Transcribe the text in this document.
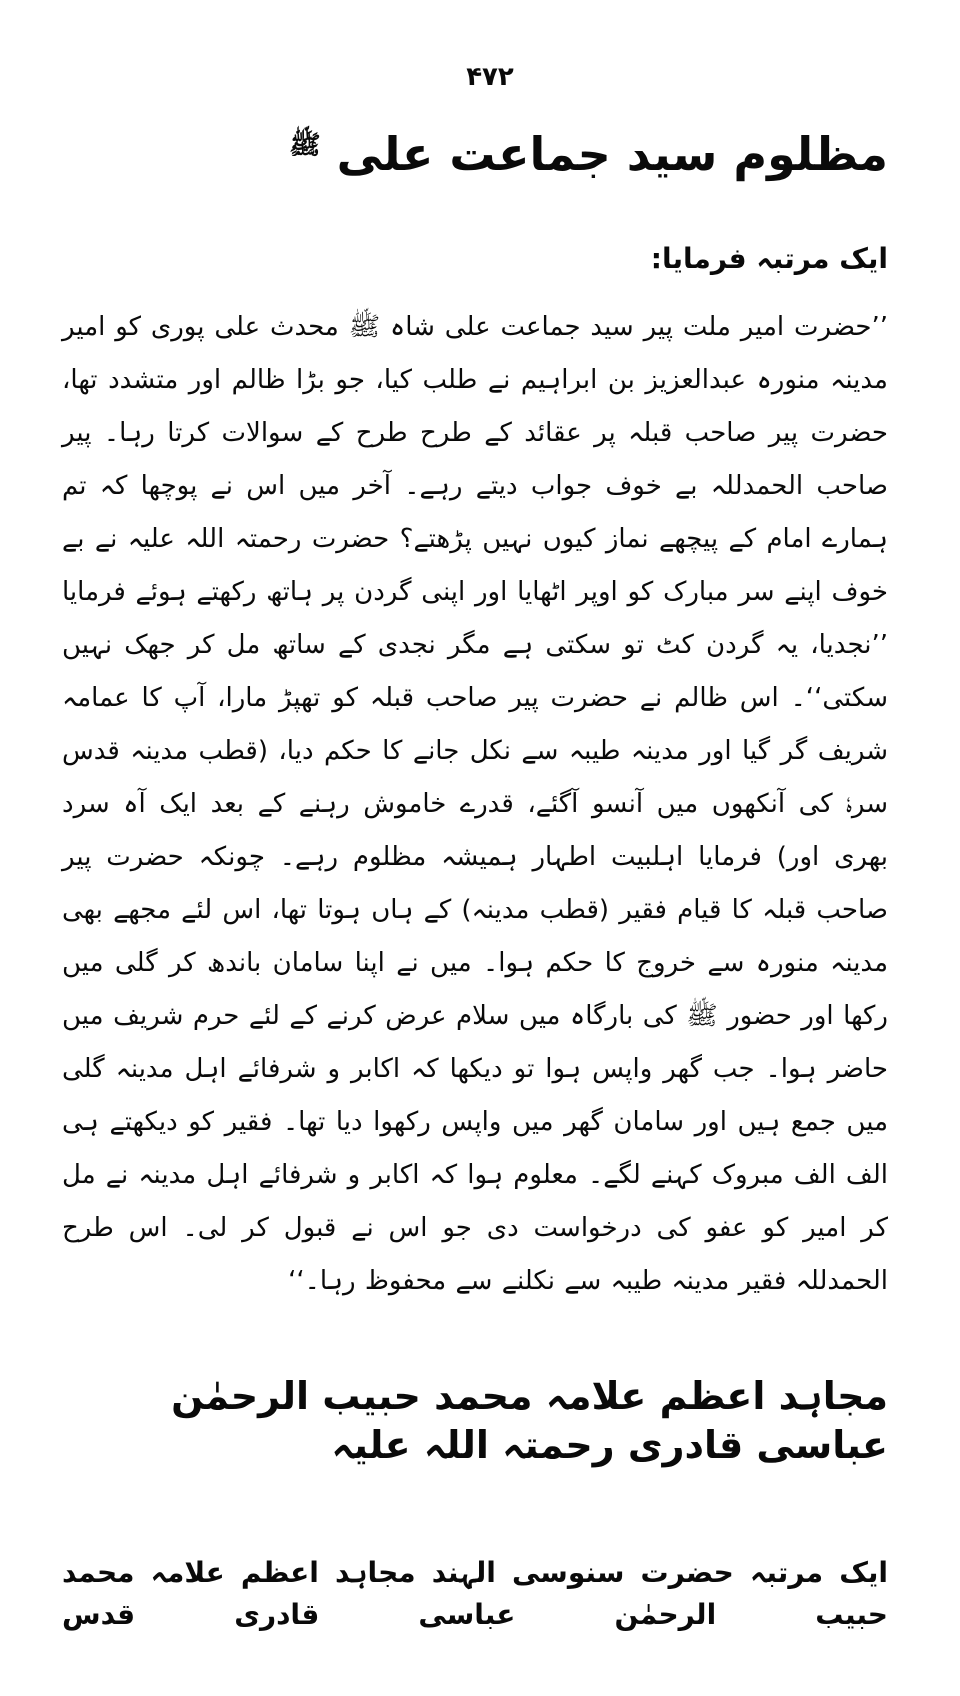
۴۷۲
مظلوم سید جماعت علی $^ﷺ$
ایک مرتبہ فرمایا:

’’حضرت امیر ملت پیر سید جماعت علی شاہ ﷺ محدث علی پوری کو امیر مدینہ منورہ عبدالعزیز بن ابراہیم نے طلب کیا، جو بڑا ظالم اور متشدد تھا، حضرت پیر صاحب قبلہ پر عقائد کے طرح طرح کے سوالات کرتا رہا۔ پیر صاحب الحمدللہ بے خوف جواب دیتے رہے۔ آخر میں اس نے پوچھا کہ تم ہمارے امام کے پیچھے نماز کیوں نہیں پڑھتے؟ حضرت رحمتہ اللہ علیہ نے بے خوف اپنے سر مبارک کو اوپر اٹھایا اور اپنی گردن پر ہاتھ رکھتے ہوئے فرمایا ’’نجدیا، یہ گردن کٹ تو سکتی ہے مگر نجدی کے ساتھ مل کر جھک نہیں سکتی‘‘۔ اس ظالم نے حضرت پیر صاحب قبلہ کو تھپڑ مارا، آپ کا عمامہ شریف گر گیا اور مدینہ طیبہ سے نکل جانے کا حکم دیا، (قطب مدینہ قدس سرہٗ کی آنکھوں میں آنسو آگئے، قدرے خاموش رہنے کے بعد ایک آہ سرد بھری اور) فرمایا اہلبیت اطہار ہمیشہ مظلوم رہے۔ چونکہ حضرت پیر صاحب قبلہ کا قیام فقیر (قطب مدینہ) کے ہاں ہوتا تھا، اس لئے مجھے بھی مدینہ منورہ سے خروج کا حکم ہوا۔ میں نے اپنا سامان باندھ کر گلی میں رکھا اور حضور ﷺ کی بارگاہ میں سلام عرض کرنے کے لئے حرم شریف میں حاضر ہوا۔ جب گھر واپس ہوا تو دیکھا کہ اکابر و شرفائے اہل مدینہ گلی میں جمع ہیں اور سامان گھر میں واپس رکھوا دیا تھا۔ فقیر کو دیکھتے ہی الف الف مبروک کہنے لگے۔ معلوم ہوا کہ اکابر و شرفائے اہل مدینہ نے مل کر امیر کو عفو کی درخواست دی جو اس نے قبول کر لی۔ اس طرح الحمدللہ فقیر مدینہ طیبہ سے نکلنے سے محفوظ رہا۔‘‘

مجاہد اعظم علامہ محمد حبیب الرحمٰن عباسی قادری رحمتہ اللہ علیہ
ایک مرتبہ حضرت سنوسی الہند مجاہد اعظم علامہ محمد حبیب الرحمٰن عباسی قادری قدس
